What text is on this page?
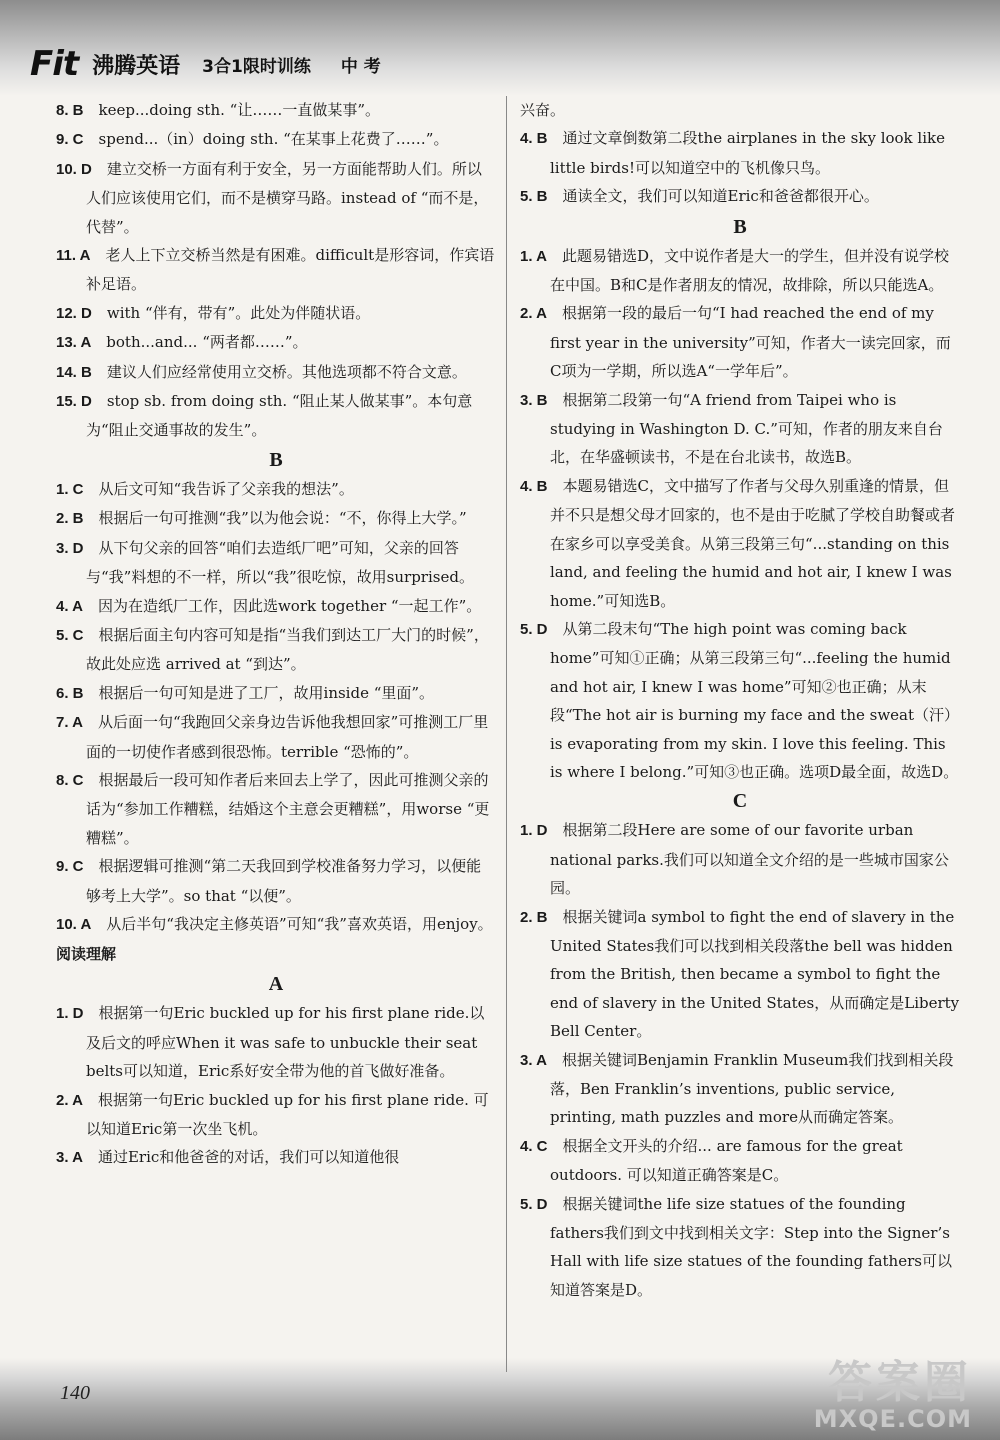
Fit 沸腾英语 3合1限时训练 中 考

8. B  keep...doing sth. “让……一直做某事”。

9. C  spend...（in）doing sth. “在某事上花费了……”。

10. D  建立交桥一方面有利于安全，另一方面能帮助人们。所以人们应该使用它们，而不是横穿马路。instead of “而不是，代替”。

11. A  老人上下立交桥当然是有困难。difficult是形容词，作宾语补足语。

12. D  with “伴有，带有”。此处为伴随状语。

13. A  both...and... “两者都……”。

14. B  建议人们应经常使用立交桥。其他选项都不符合文意。

15. D  stop sb. from doing sth. “阻止某人做某事”。本句意为“阻止交通事故的发生”。

B

1. C  从后文可知“我告诉了父亲我的想法”。

2. B  根据后一句可推测“我”以为他会说：“不，你得上大学。”

3. D  从下句父亲的回答“咱们去造纸厂吧”可知，父亲的回答与“我”料想的不一样，所以“我”很吃惊，故用surprised。

4. A  因为在造纸厂工作，因此选work together “一起工作”。

5. C  根据后面主句内容可知是指“当我们到达工厂大门的时候”，故此处应选 arrived at “到达”。

6. B  根据后一句可知是进了工厂，故用inside “里面”。

7. A  从后面一句“我跑回父亲身边告诉他我想回家”可推测工厂里面的一切使作者感到很恐怖。terrible “恐怖的”。

8. C  根据最后一段可知作者后来回去上学了，因此可推测父亲的话为“参加工作糟糕，结婚这个主意会更糟糕”，用worse “更糟糕”。

9. C  根据逻辑可推测“第二天我回到学校准备努力学习，以便能够考上大学”。so that “以便”。

10. A  从后半句“我决定主修英语”可知“我”喜欢英语，用enjoy。

阅读理解

A

1. D  根据第一句Eric buckled up for his first plane ride.以及后文的呼应When it was safe to unbuckle their seat belts可以知道，Eric系好安全带为他的首飞做好准备。

2. A  根据第一句Eric buckled up for his first plane ride. 可以知道Eric第一次坐飞机。

3. A  通过Eric和他爸爸的对话，我们可以知道他很

兴奋。

4. B  通过文章倒数第二段the airplanes in the sky look like little birds!可以知道空中的飞机像只鸟。

5. B  通读全文，我们可以知道Eric和爸爸都很开心。

B

1. A  此题易错选D，文中说作者是大一的学生，但并没有说学校在中国。B和C是作者朋友的情况，故排除，所以只能选A。

2. A  根据第一段的最后一句“I had reached the end of my first year in the university”可知，作者大一读完回家，而C项为一学期，所以选A“一学年后”。

3. B  根据第二段第一句“A friend from Taipei who is studying in Washington D. C.”可知，作者的朋友来自台北，在华盛顿读书，不是在台北读书，故选B。

4. B  本题易错选C，文中描写了作者与父母久别重逢的情景，但并不只是想父母才回家的，也不是由于吃腻了学校自助餐或者在家乡可以享受美食。从第三段第三句“...standing on this land, and feeling the humid and hot air, I knew I was home.”可知选B。

5. D  从第二段末句“The high point was coming back home”可知①正确；从第三段第三句“...feeling the humid and hot air, I knew I was home”可知②也正确；从末段“The hot air is burning my face and the sweat（汗）is evaporating from my skin. I love this feeling. This is where I belong.”可知③也正确。选项D最全面，故选D。

C

1. D  根据第二段Here are some of our favorite urban national parks.我们可以知道全文介绍的是一些城市国家公园。

2. B  根据关键词a symbol to fight the end of slavery in the United States我们可以找到相关段落the bell was hidden from the British, then became a symbol to fight the end of slavery in the United States，从而确定是Liberty Bell Center。

3. A  根据关键词Benjamin Franklin Museum我们找到相关段落，Ben Franklin’s inventions, public service, printing, math puzzles and more从而确定答案。

4. C  根据全文开头的介绍... are famous for the great outdoors. 可以知道正确答案是C。

5. D  根据关键词the life size statues of the founding fathers我们到文中找到相关文字：Step into the Signer’s Hall with life size statues of the founding fathers可以知道答案是D。

140	答案圈
MXQE.COM
